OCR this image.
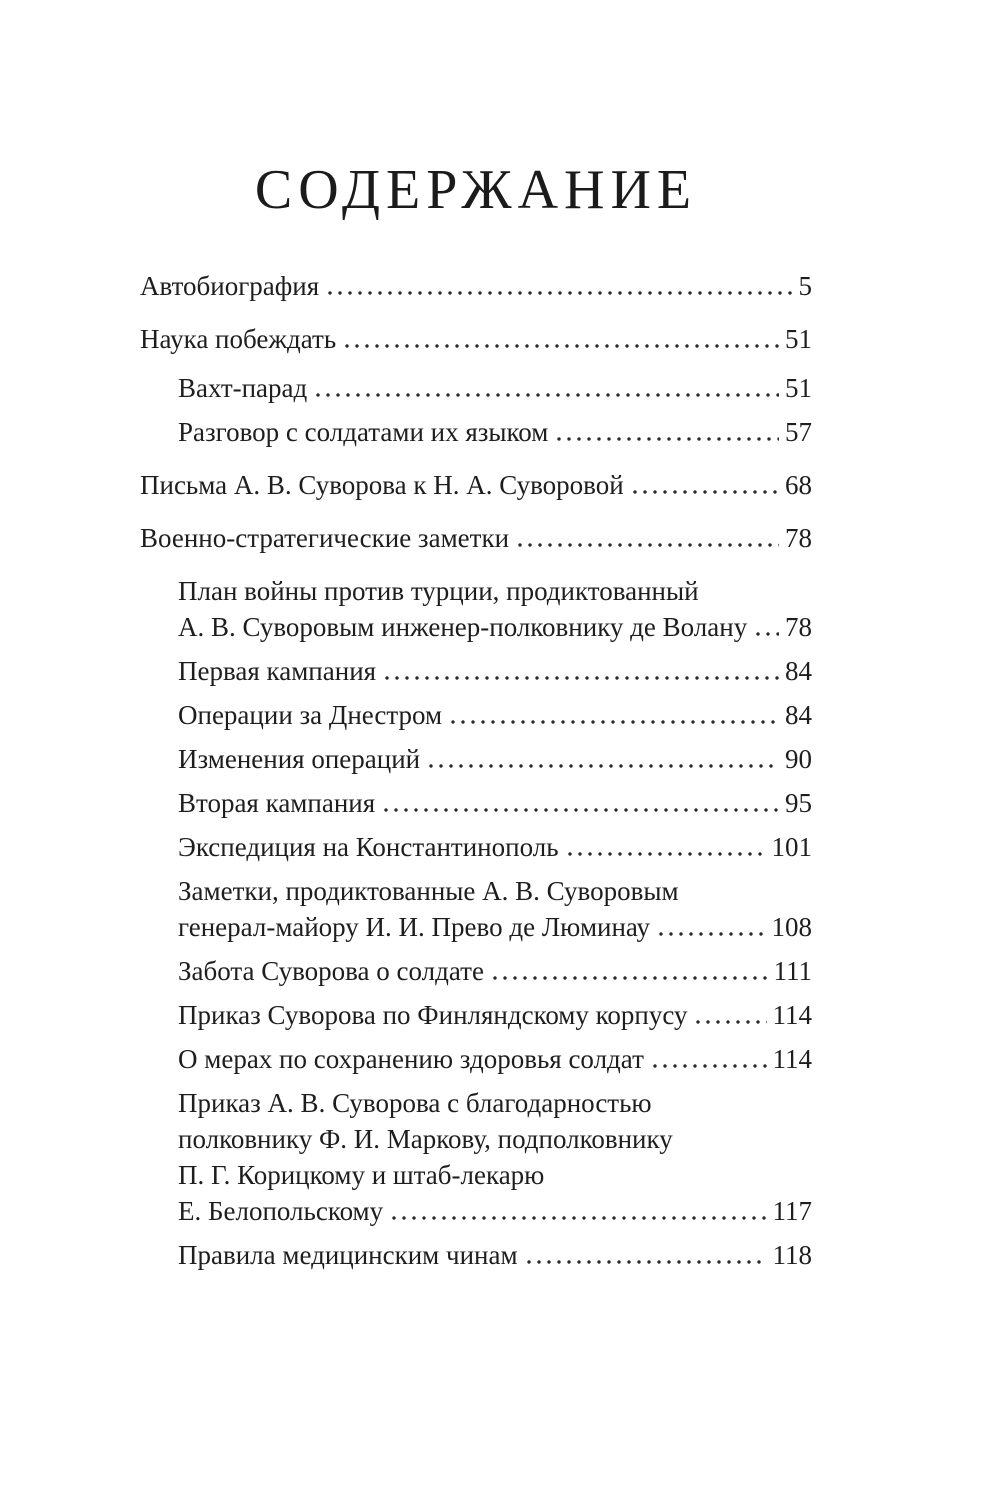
СОДЕРЖАНИЕ
Автобиография	5
Наука побеждать	51
Вахт-парад	51
Разговор с солдатами их языком	57
Письма А. В. Суворова к Н. А. Суворовой	68
Военно-стратегические заметки	78
План войны против турции, продиктованный
А. В. Суворовым инженер-полковнику де Волану 78
Первая кампания	84
Операции за Днестром	84
Изменения операций	90
Вторая кампания	95
Экспедиция на Константинополь	101
Заметки, продиктованные А. В. Суворовым
генерал-майору И. И. Прево де Люминау	108
Забота Суворова о солдате	111
Приказ Суворова по Финляндскому корпусу	114
О мерах по сохранению здоровья солдат	114
Приказ А. В. Суворова с благодарностью
полковнику Ф. И. Маркову, подполковнику
П. Г. Корицкому и штаб-лекарю
Е. Белопольскому	117
Правила медицинским чинам	118
